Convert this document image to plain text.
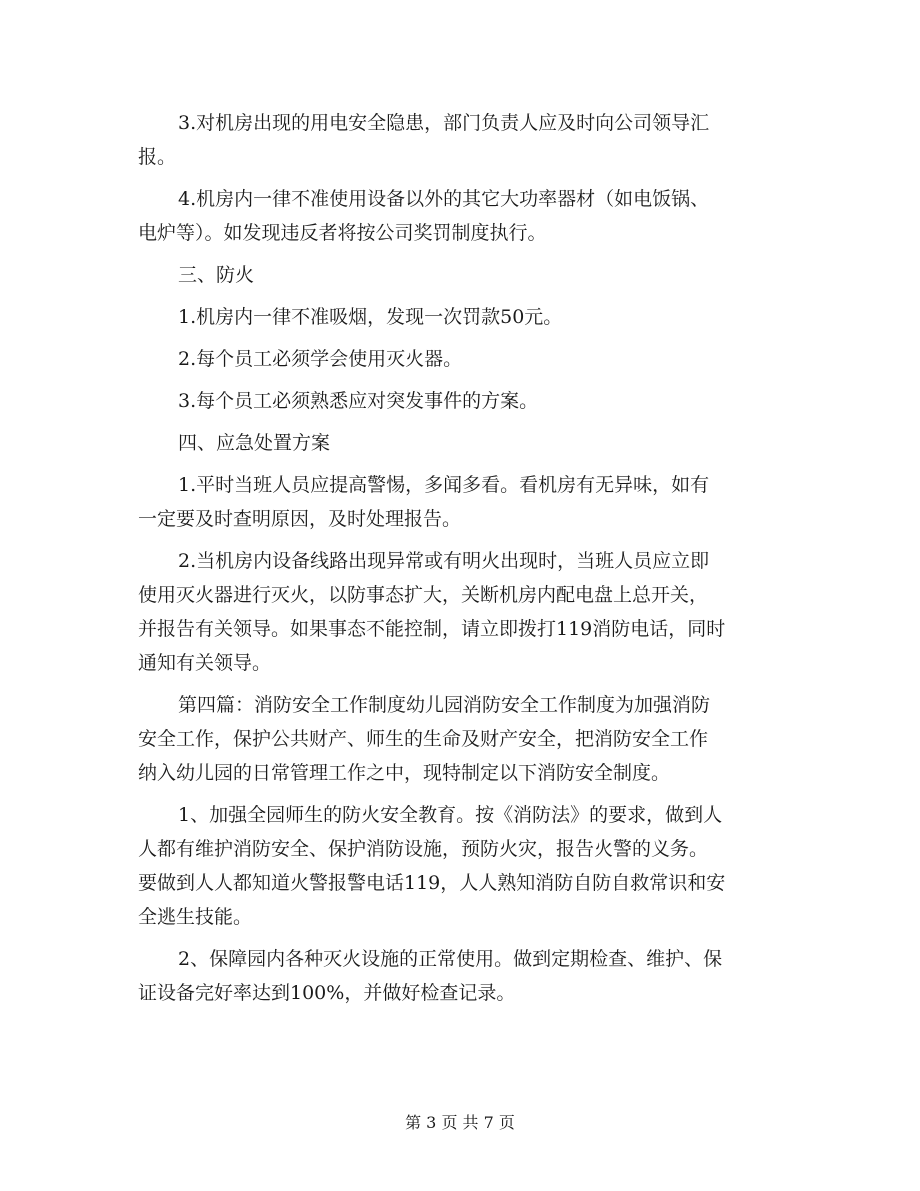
3.对机房出现的用电安全隐患，部门负责人应及时向公司领导汇
报。

4.机房内一律不准使用设备以外的其它大功率器材（如电饭锅、
电炉等）。如发现违反者将按公司奖罚制度执行。

三、防火

1.机房内一律不准吸烟，发现一次罚款50元。

2.每个员工必须学会使用灭火器。

3.每个员工必须熟悉应对突发事件的方案。

四、应急处置方案

1.平时当班人员应提高警惕，多闻多看。看机房有无异味，如有
一定要及时查明原因，及时处理报告。

2.当机房内设备线路出现异常或有明火出现时，当班人员应立即
使用灭火器进行灭火，以防事态扩大，关断机房内配电盘上总开关，
并报告有关领导。如果事态不能控制，请立即拨打119消防电话，同时
通知有关领导。

第四篇：消防安全工作制度幼儿园消防安全工作制度为加强消防
安全工作，保护公共财产、师生的生命及财产安全，把消防安全工作
纳入幼儿园的日常管理工作之中，现特制定以下消防安全制度。

1、加强全园师生的防火安全教育。按《消防法》的要求，做到人
人都有维护消防安全、保护消防设施，预防火灾，报告火警的义务。
要做到人人都知道火警报警电话119，人人熟知消防自防自救常识和安
全逃生技能。

2、保障园内各种灭火设施的正常使用。做到定期检查、维护、保
证设备完好率达到100%，并做好检查记录。

第 3 页 共 7 页
